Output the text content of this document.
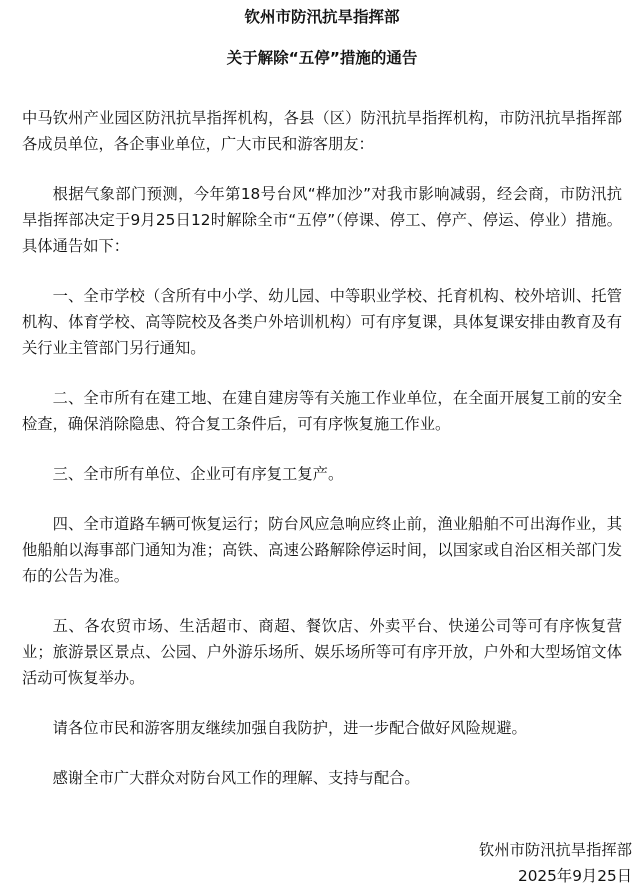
钦州市防汛抗旱指挥部
关于解除“五停”措施的通告

中马钦州产业园区防汛抗旱指挥机构，各县（区）防汛抗旱指挥机构，市防汛抗旱指挥部各成员单位，各企事业单位，广大市民和游客朋友：

根据气象部门预测，今年第18号台风“桦加沙”对我市影响减弱，经会商，市防汛抗旱指挥部决定于9月25日12时解除全市“五停”（停课、停工、停产、停运、停业）措施。具体通告如下：

一、全市学校（含所有中小学、幼儿园、中等职业学校、托育机构、校外培训、托管机构、体育学校、高等院校及各类户外培训机构）可有序复课，具体复课安排由教育及有关行业主管部门另行通知。

二、全市所有在建工地、在建自建房等有关施工作业单位，在全面开展复工前的安全检查，确保消除隐患、符合复工条件后，可有序恢复施工作业。

三、全市所有单位、企业可有序复工复产。

四、全市道路车辆可恢复运行；防台风应急响应终止前，渔业船舶不可出海作业，其他船舶以海事部门通知为准；高铁、高速公路解除停运时间，以国家或自治区相关部门发布的公告为准。

五、各农贸市场、生活超市、商超、餐饮店、外卖平台、快递公司等可有序恢复营业；旅游景区景点、公园、户外游乐场所、娱乐场所等可有序开放，户外和大型场馆文体活动可恢复举办。

请各位市民和游客朋友继续加强自我防护，进一步配合做好风险规避。

感谢全市广大群众对防台风工作的理解、支持与配合。

钦州市防汛抗旱指挥部
2025年9月25日
